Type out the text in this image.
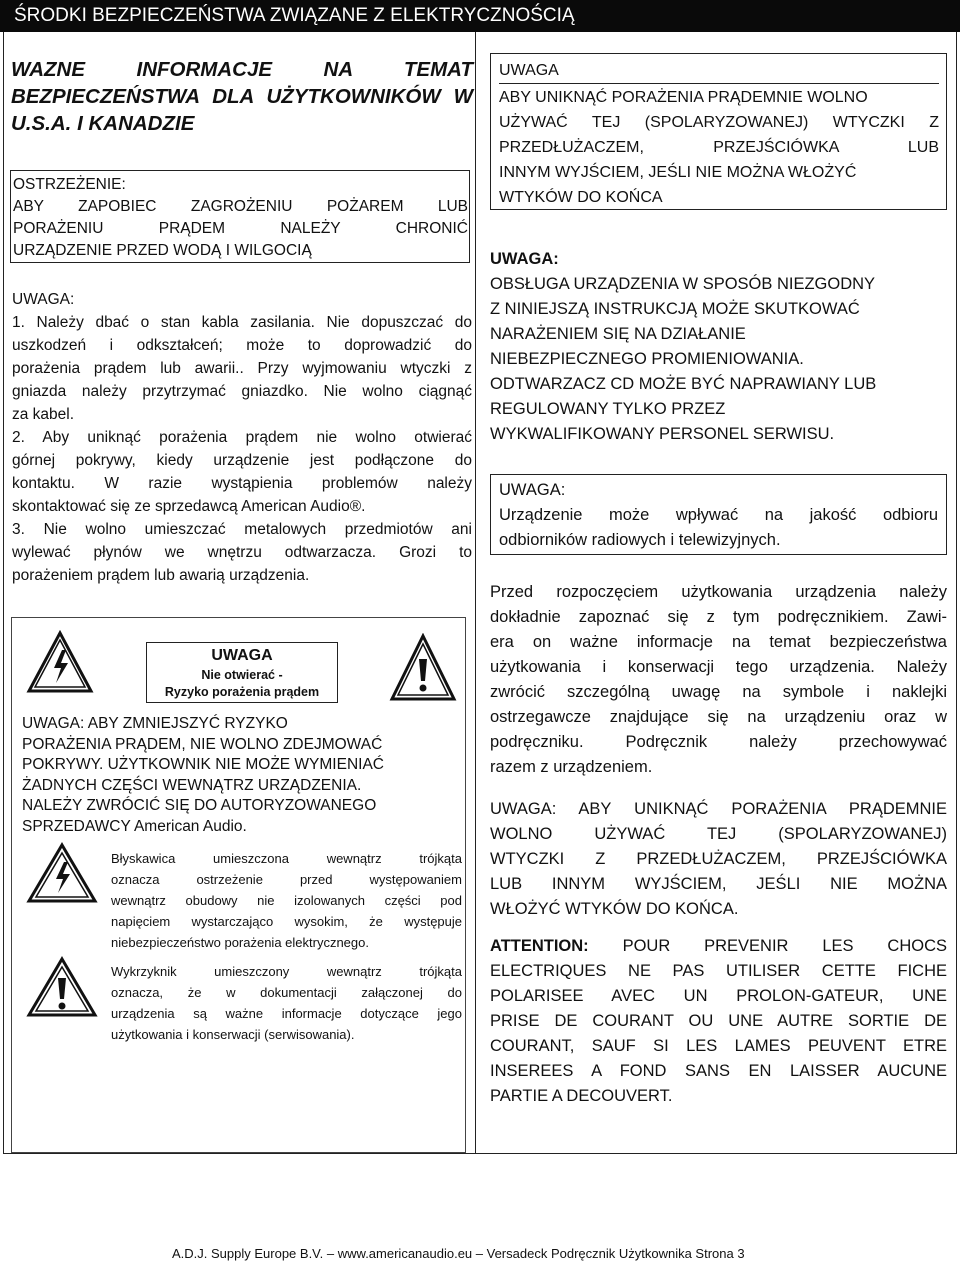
ŚRODKI BEZPIECZEŃSTWA ZWIĄZANE Z ELEKTRYCZNOŚCIĄ
WAZNE INFORMACJE NA TEMAT
BEZPIECZEŃSTWA DLA UŻYTKOWNIKÓW W
U.S.A. I KANADZIE
OSTRZEŻENIE:
ABY ZAPOBIEC ZAGROŻENIU POŻAREM LUB
PORAŻENIU PRĄDEM NALEŻY CHRONIĆ
URZĄDZENIE PRZED WODĄ I WILGOCIĄ
UWAGA:
1. Należy dbać o stan kabla zasilania. Nie dopuszczać do
uszkodzeń i odkształceń; może to doprowadzić do
porażenia prądem lub awarii.. Przy wyjmowaniu wtyczki z
gniazda należy przytrzymać gniazdko. Nie wolno ciągnąć
za kabel.
2. Aby uniknąć porażenia prądem nie wolno otwierać
górnej pokrywy, kiedy urządzenie jest podłączone do
kontaktu. W razie wystąpienia problemów należy
skontaktować się ze sprzedawcą American Audio®.
3. Nie wolno umieszczać metalowych przedmiotów ani
wylewać płynów we wnętrzu odtwarzacza. Grozi to
porażeniem prądem lub awarią urządzenia.
UWAGA
Nie otwierać -
Ryzyko porażenia prądem
UWAGA: ABY ZMNIEJSZYĆ RYZYKO
PORAŻENIA PRĄDEM, NIE WOLNO ZDEJMOWAĆ
POKRYWY. UŻYTKOWNIK NIE MOŻE WYMIENIAĆ
ŻADNYCH CZĘŚCI WEWNĄTRZ URZĄDZENIA.
NALEŻY ZWRÓCIĆ SIĘ DO AUTORYZOWANEGO
SPRZEDAWCY American Audio.
Błyskawica umieszczona wewnątrz trójkąta
oznacza ostrzeżenie przed występowaniem
wewnątrz obudowy nie izolowanych części pod
napięciem wystarczająco wysokim, że występuje
niebezpieczeństwo porażenia elektrycznego.
Wykrzyknik umieszczony wewnątrz trójkąta
oznacza, że w dokumentacji załączonej do
urządzenia są ważne informacje dotyczące jego
użytkowania i konserwacji (serwisowania).
UWAGA
ABY UNIKNĄĆ PORAŻENIA PRĄDEMNIE WOLNO
UŻYWAĆ TEJ (SPOLARYZOWANEJ) WTYCZKI Z
PRZEDŁUŻACZEM, PRZEJŚCIÓWKA LUB
INNYM WYJŚCIEM, JEŚLI NIE MOŻNA WŁOŻYĆ
WTYKÓW DO KOŃCA
UWAGA:
OBSŁUGA URZĄDZENIA W SPOSÓB NIEZGODNY
Z NINIEJSZĄ INSTRUKCJĄ MOŻE SKUTKOWAĆ
NARAŻENIEM SIĘ NA DZIAŁANIE
NIEBEZPIECZNEGO PROMIENIOWANIA.
ODTWARZACZ CD MOŻE BYĆ NAPRAWIANY LUB
REGULOWANY TYLKO PRZEZ
WYKWALIFIKOWANY PERSONEL SERWISU.
UWAGA:
Urządzenie może wpływać na jakość odbioru
odbiorników radiowych i telewizyjnych.
Przed rozpoczęciem użytkowania urządzenia należy
dokładnie zapoznać się z tym podręcznikiem. Zawi-
era on ważne informacje na temat bezpieczeństwa
użytkowania i konserwacji tego urządzenia. Należy
zwrócić szczególną uwagę na symbole i naklejki
ostrzegawcze znajdujące się na urządzeniu oraz w
podręczniku. Podręcznik należy przechowywać
razem z urządzeniem.
UWAGA: ABY UNIKNĄĆ PORAŻENIA PRĄDEMNIE
WOLNO UŻYWAĆ TEJ (SPOLARYZOWANEJ)
WTYCZKI Z PRZEDŁUŻACZEM, PRZEJŚCIÓWKA
LUB INNYM WYJŚCIEM, JEŚLI NIE MOŻNA
WŁOŻYĆ WTYKÓW DO KOŃCA.
ATTENTION: POUR PREVENIR LES CHOCS
ELECTRIQUES NE PAS UTILISER CETTE FICHE
POLARISEE AVEC UN PROLON-GATEUR, UNE
PRISE DE COURANT OU UNE AUTRE SORTIE DE
COURANT, SAUF SI LES LAMES PEUVENT ETRE
INSEREES A FOND SANS EN LAISSER AUCUNE
PARTIE A DECOUVERT.
A.D.J. Supply Europe B.V. – www.americanaudio.eu – Versadeck Podręcznik Użytkownika Strona 3
